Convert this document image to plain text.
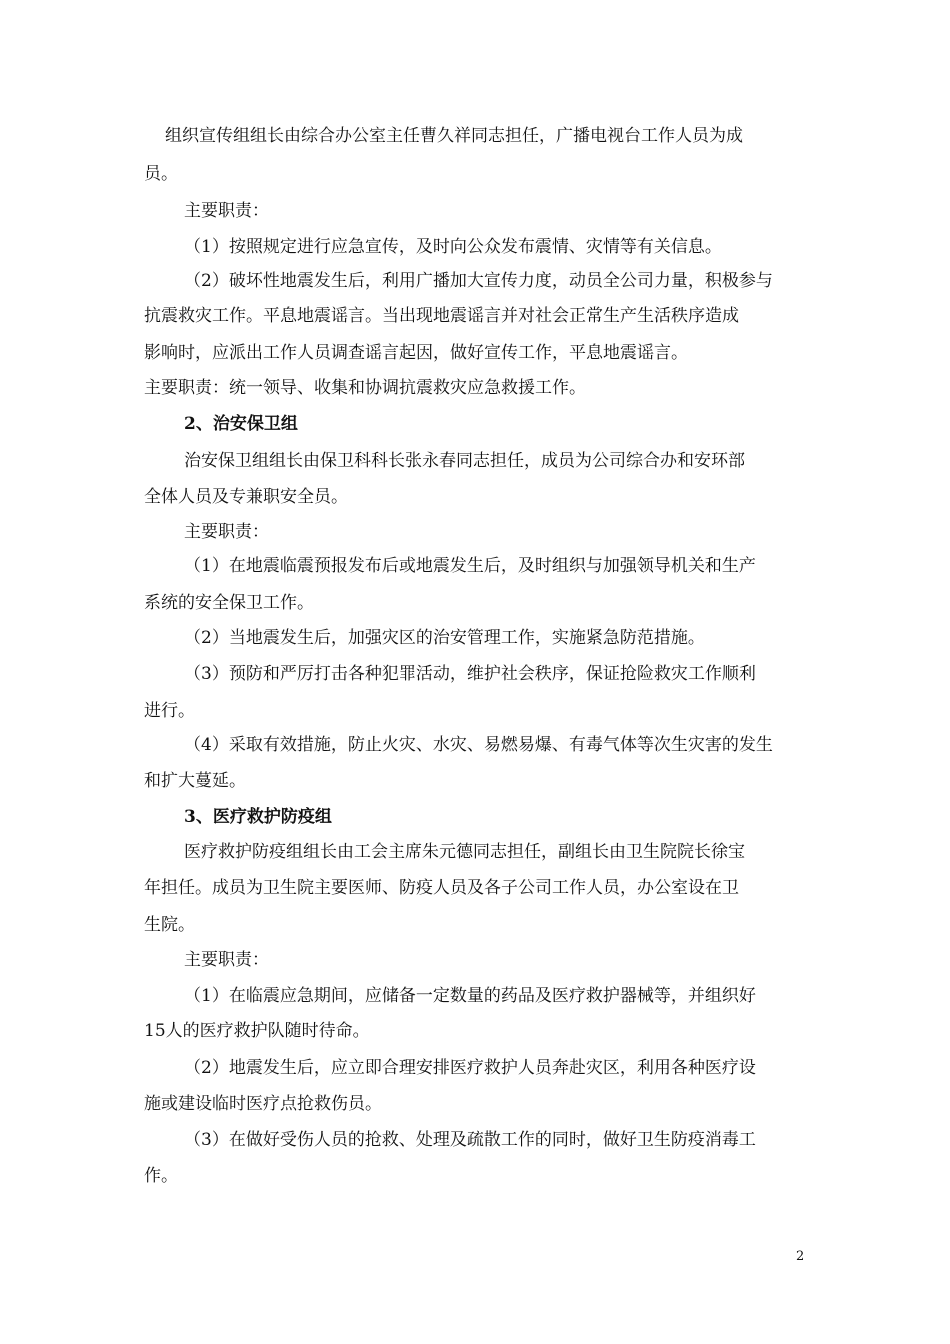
组织宣传组组长由综合办公室主任曹久祥同志担任，广播电视台工作人员为成
员。
主要职责：
（1）按照规定进行应急宣传，及时向公众发布震情、灾情等有关信息。
（2）破坏性地震发生后，利用广播加大宣传力度，动员全公司力量，积极参与
抗震救灾工作。平息地震谣言。当出现地震谣言并对社会正常生产生活秩序造成
影响时，应派出工作人员调查谣言起因，做好宣传工作，平息地震谣言。
主要职责：统一领导、收集和协调抗震救灾应急救援工作。
2、治安保卫组
治安保卫组组长由保卫科科长张永春同志担任，成员为公司综合办和安环部
全体人员及专兼职安全员。
主要职责：
（1）在地震临震预报发布后或地震发生后，及时组织与加强领导机关和生产
系统的安全保卫工作。
（2）当地震发生后，加强灾区的治安管理工作，实施紧急防范措施。
（3）预防和严厉打击各种犯罪活动，维护社会秩序，保证抢险救灾工作顺利
进行。
（4）采取有效措施，防止火灾、水灾、易燃易爆、有毒气体等次生灾害的发生
和扩大蔓延。
3、医疗救护防疫组
医疗救护防疫组组长由工会主席朱元德同志担任，副组长由卫生院院长徐宝
年担任。成员为卫生院主要医师、防疫人员及各子公司工作人员，办公室设在卫
生院。
主要职责：
（1）在临震应急期间，应储备一定数量的药品及医疗救护器械等，并组织好
15人的医疗救护队随时待命。
（2）地震发生后，应立即合理安排医疗救护人员奔赴灾区，利用各种医疗设
施或建设临时医疗点抢救伤员。
（3）在做好受伤人员的抢救、处理及疏散工作的同时，做好卫生防疫消毒工
作。
2
